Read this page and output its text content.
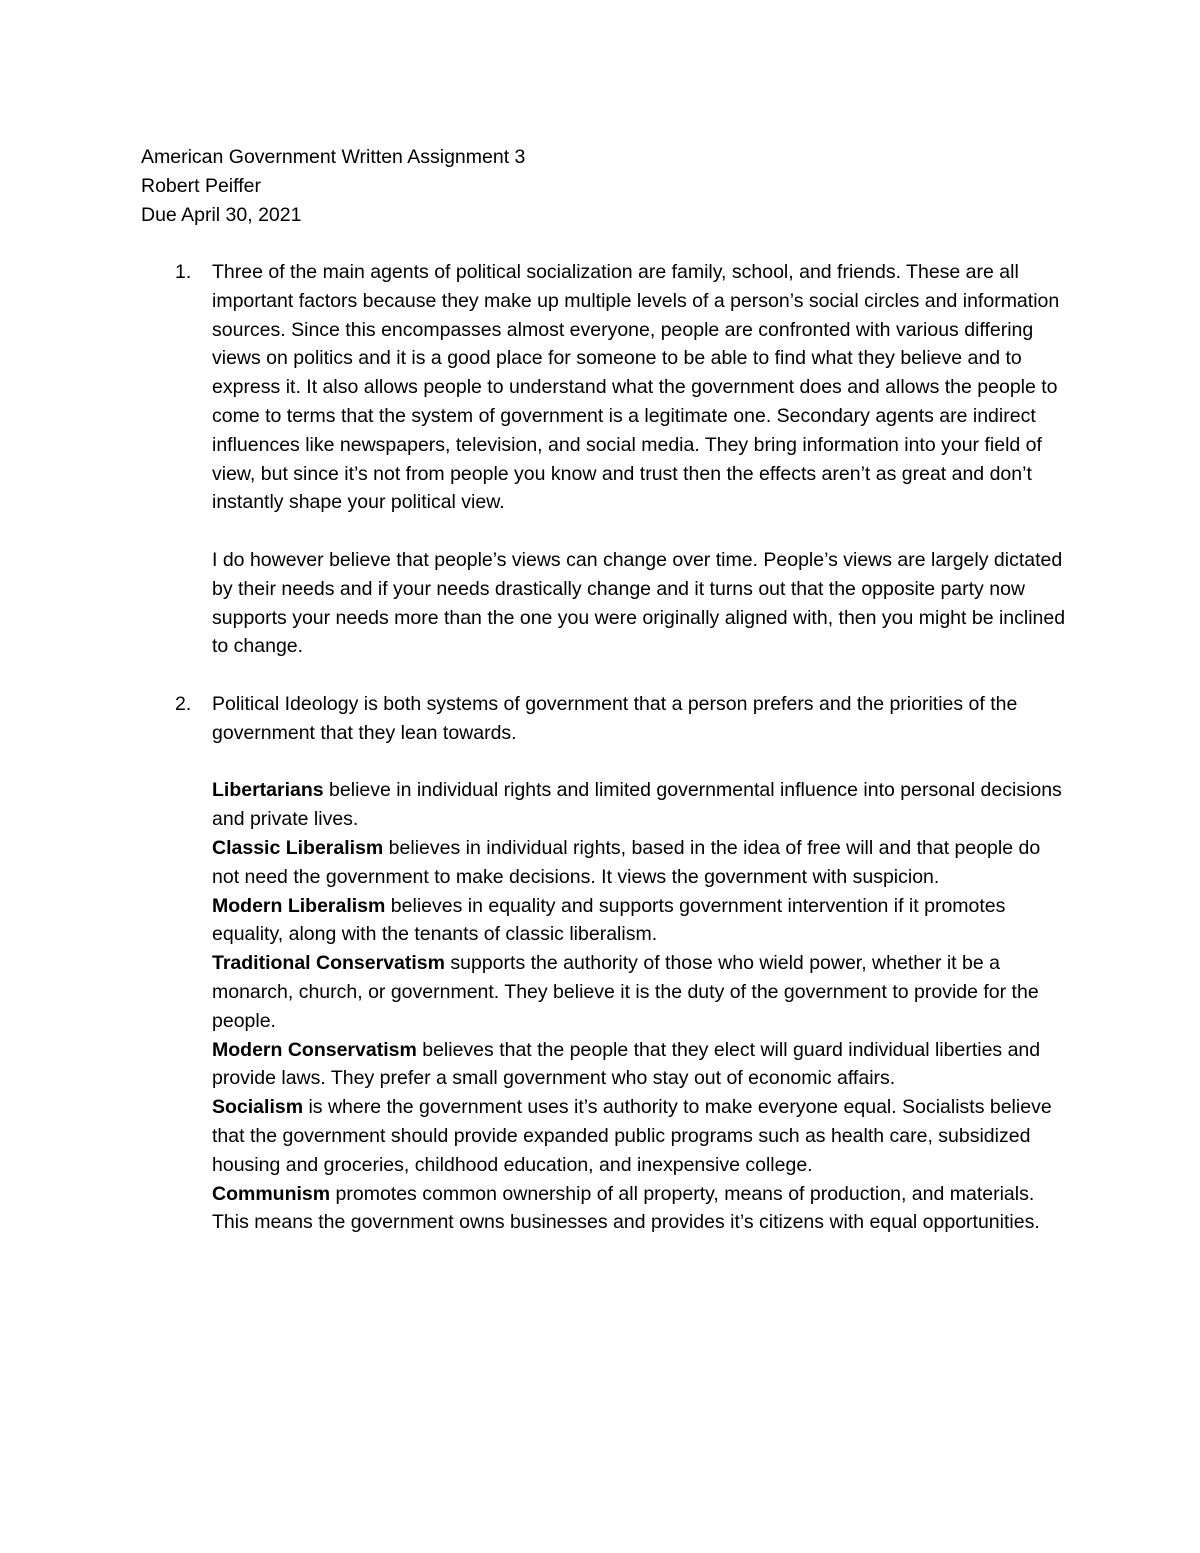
American Government Written Assignment 3
Robert Peiffer
Due April 30, 2021
1. Three of the main agents of political socialization are family, school, and friends. These are all important factors because they make up multiple levels of a person’s social circles and information sources. Since this encompasses almost everyone, people are confronted with various differing views on politics and it is a good place for someone to be able to find what they believe and to express it. It also allows people to understand what the government does and allows the people to come to terms that the system of government is a legitimate one. Secondary agents are indirect influences like newspapers, television, and social media. They bring information into your field of view, but since it’s not from people you know and trust then the effects aren’t as great and don’t instantly shape your political view.

I do however believe that people’s views can change over time. People’s views are largely dictated by their needs and if your needs drastically change and it turns out that the opposite party now supports your needs more than the one you were originally aligned with, then you might be inclined to change.

2. Political Ideology is both systems of government that a person prefers and the priorities of the government that they lean towards.

Libertarians believe in individual rights and limited governmental influence into personal decisions and private lives.

Classic Liberalism believes in individual rights, based in the idea of free will and that people do not need the government to make decisions. It views the government with suspicion.

Modern Liberalism believes in equality and supports government intervention if it promotes equality, along with the tenants of classic liberalism.

Traditional Conservatism supports the authority of those who wield power, whether it be a monarch, church, or government. They believe it is the duty of the government to provide for the people.

Modern Conservatism believes that the people that they elect will guard individual liberties and provide laws. They prefer a small government who stay out of economic affairs.

Socialism is where the government uses it’s authority to make everyone equal. Socialists believe that the government should provide expanded public programs such as health care, subsidized housing and groceries, childhood education, and inexpensive college.

Communism promotes common ownership of all property, means of production, and materials. This means the government owns businesses and provides it’s citizens with equal opportunities.
